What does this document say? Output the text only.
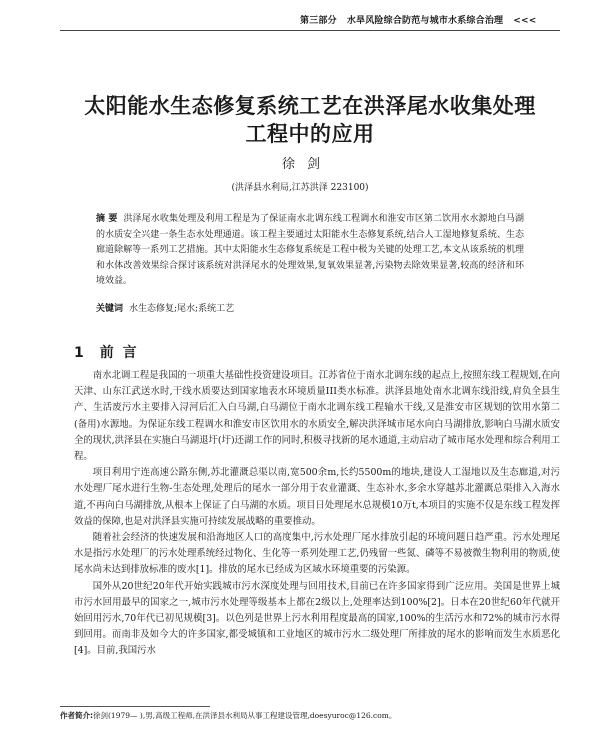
第三部分 水旱风险综合防范与城市水系综合治理 <<<
太阳能水生态修复系统工艺在洪泽尾水收集处理
工程中的应用
徐剑
(洪泽县水利局,江苏洪泽 223100)
摘 要 洪泽尾水收集处理及利用工程是为了保证南水北调东线工程调水和淮安市区第二饮用水水源地白马湖的水质安全兴建一条生态水处理通道。该工程主要通过太阳能水生态修复系统,结合人工湿地修复系统、生态廊道除解等一系列工艺措施。其中太阳能水生态修复系统是工程中极为关键的处理工艺,本文从该系统的机理和水体改善效果综合探讨该系统对洪泽尾水的处理效果,复氧效果显著,污染物去除效果显著,较高的经济和环境效益。
关键词 水生态修复;尾水;系统工艺
1 前 言

南水北调工程是我国的一项重大基础性投资建设项目。江苏省位于南水北调东线的起点上,按照东线工程规划,在向天津、山东江武送水时,干线水质要达到国家地表水环境质量III类水标准。洪泽县地处南水北调东线沿线,肩负全县生产、生活废污水主要排入浔河后汇入白马湖,白马湖位于南水北调东线工程输水干线,又是淮安市区规划的饮用水第二(备用)水源地。为保证东线工程调水和淮安市区饮用水的水质安全,解决洪泽城市尾水向白马湖排放,影响白马湖水质安全的现状,洪泽县在实施白马湖退圩(圩)还湖工作的同时,积极寻找新的尾水通道,主动启动了城市尾水处理和综合利用工程。

项目利用宁连高速公路东侧,苏北灌溉总渠以南,宽500余m,长约5500m的地块,建设人工湿地以及生态廊道,对污水处理厂尾水进行生物-生态处理,处理后的尾水一部分用于农业灌溉、生态补水,多余水穿越苏北灌溉总渠排入入海水道,不再向白马湖排放,从根本上保证了白马湖的水质。项目日处理尾水总规模10万t,本项目的实施不仅是东线工程发挥效益的保障,也是对洪泽县实施可持续发展战略的重要推动。

随着社会经济的快速发展和沿海地区人口的高度集中,污水处理厂尾水排放引起的环境问题日趋严重。污水处理尾水是指污水处理厂的污水处理系统经过物化、生化等一系列处理工艺,仍残留一些氮、磷等不易被微生物利用的物质,使尾水尚未达到排放标准的废水[1]。排放的尾水已经成为区域水环境重要的污染源。

国外从20世纪20年代开始实践城市污水深度处理与回用技术,目前已在许多国家得到广泛应用。美国是世界上城市污水回用最早的国家之一,城市污水处理等级基本上都在2级以上,处理率达到100%[2]。日本在20世纪60年代就开始回用污水,70年代已初见规模[3]。以色列是世界上污水利用程度最高的国家,100%的生活污水和72%的城市污水得到回用。而南非及如今大的许多国家,都受城镇和工业地区的城市污水二级处理厂所排放的尾水的影响而发生水质恶化[4]。目前,我国污水

作者简介:徐剑(1979— ),男,高级工程师,在洪泽县水利局从事工程建设管理,doesyuroc@126.com。
